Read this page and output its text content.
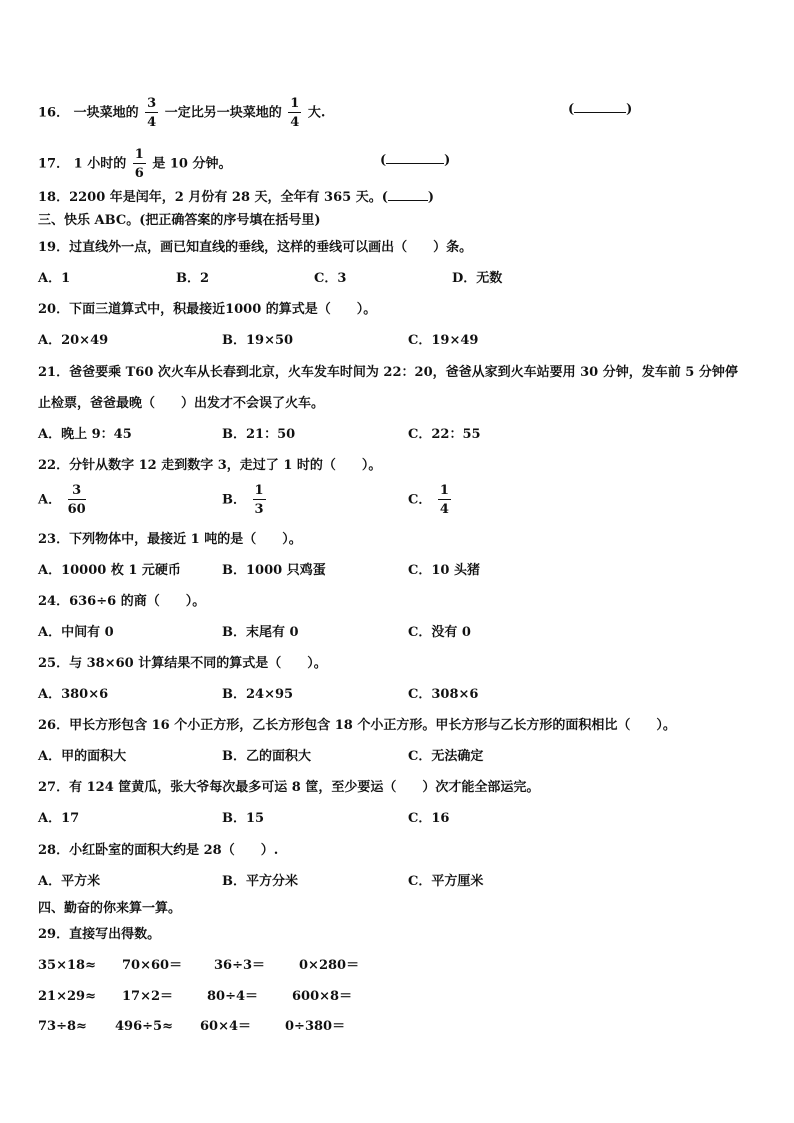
16． 一块菜地的 $\frac{3}{4}$ 一定比另一块菜地的 $\frac{1}{4}$ 大.	(	)
17． 1 小时的 $\frac{1}{6}$ 是 10 分钟。	(	)
18．2200 年是闰年，2 月份有 28 天，全年有 365 天。(	)
三、快乐 ABC。(把正确答案的序号填在括号里)
19．过直线外一点，画已知直线的垂线，这样的垂线可以画出（　　）条。
A．1	B．2	C．3	D．无数
20．下面三道算式中，积最接近1000 的算式是（　　）。
A．20×49	B．19×50	C．19×49
21．爸爸要乘 T60 次火车从长春到北京，火车发车时间为 22：20，爸爸从家到火车站要用 30 分钟，发车前 5 分钟停
止检票，爸爸最晚（　　）出发才不会误了火车。
A．晚上 9：45	B．21：50	C．22：55
22．分针从数字 12 走到数字 3，走过了 1 时的（　　）。
A． $\frac{3}{60}$	B． $\frac{1}{3}$	C． $\frac{1}{4}$
23．下列物体中，最接近 1 吨的是（　　）。
A．10000 枚 1 元硬币	B．1000 只鸡蛋	C．10 头猪
24．636÷6 的商（　　）。
A．中间有 0	B．末尾有 0	C．没有 0
25．与 38×60 计算结果不同的算式是（　　）。
A．380×6	B．24×95	C．308×6
26．甲长方形包含 16 个小正方形，乙长方形包含 18 个小正方形。甲长方形与乙长方形的面积相比（　　）。
A．甲的面积大	B．乙的面积大	C．无法确定
27．有 124 筐黄瓜，张大爷每次最多可运 8 筐，至少要运（　　）次才能全部运完。
A．17	B．15	C．16
28．小红卧室的面积大约是 28（　　）.
A．平方米	B．平方分米	C．平方厘米
四、勤奋的你来算一算。
29．直接写出得数。
35×18≈ 70×60＝ 36÷3＝	0×280＝
21×29≈ 17×2＝	80÷4＝	600×8＝
73÷8≈ 496÷5≈ 60×4＝	0÷380＝
